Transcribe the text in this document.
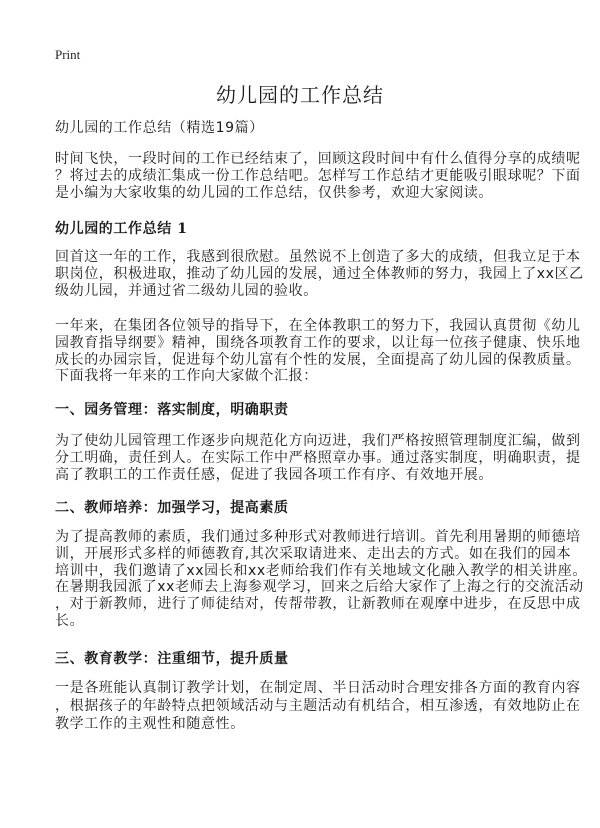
Print
幼儿园的工作总结
幼儿园的工作总结（精选19篇）
时间飞快，一段时间的工作已经结束了，回顾这段时间中有什么值得分享的成绩呢
？将过去的成绩汇集成一份工作总结吧。怎样写工作总结才更能吸引眼球呢？下面
是小编为大家收集的幼儿园的工作总结，仅供参考，欢迎大家阅读。
幼儿园的工作总结 1
回首这一年的工作，我感到很欣慰。虽然说不上创造了多大的成绩，但我立足于本
职岗位，积极进取，推动了幼儿园的发展，通过全体教师的努力，我园上了xx区乙
级幼儿园，并通过省二级幼儿园的验收。
一年来，在集团各位领导的指导下，在全体教职工的努力下，我园认真贯彻《幼儿
园教育指导纲要》精神，围绕各项教育工作的要求，以让每一位孩子健康、快乐地
成长的办园宗旨，促进每个幼儿富有个性的发展，全面提高了幼儿园的保教质量。
下面我将一年来的工作向大家做个汇报：
一、园务管理：落实制度，明确职责
为了使幼儿园管理工作逐步向规范化方向迈进，我们严格按照管理制度汇编，做到
分工明确，责任到人。在实际工作中严格照章办事。通过落实制度，明确职责，提
高了教职工的工作责任感，促进了我园各项工作有序、有效地开展。
二、教师培养：加强学习，提高素质
为了提高教师的素质，我们通过多种形式对教师进行培训。首先利用暑期的师德培
训，开展形式多样的师德教育,其次采取请进来、走出去的方式。如在我们的园本
培训中，我们邀请了xx园长和xx老师给我们作有关地域文化融入教学的相关讲座。
在暑期我园派了xx老师去上海参观学习，回来之后给大家作了上海之行的交流活动
，对于新教师，进行了师徒结对，传帮带教，让新教师在观摩中进步，在反思中成
长。
三、教育教学：注重细节，提升质量
一是各班能认真制订教学计划，在制定周、半日活动时合理安排各方面的教育内容
，根据孩子的年龄特点把领域活动与主题活动有机结合，相互渗透，有效地防止在
教学工作的主观性和随意性。
